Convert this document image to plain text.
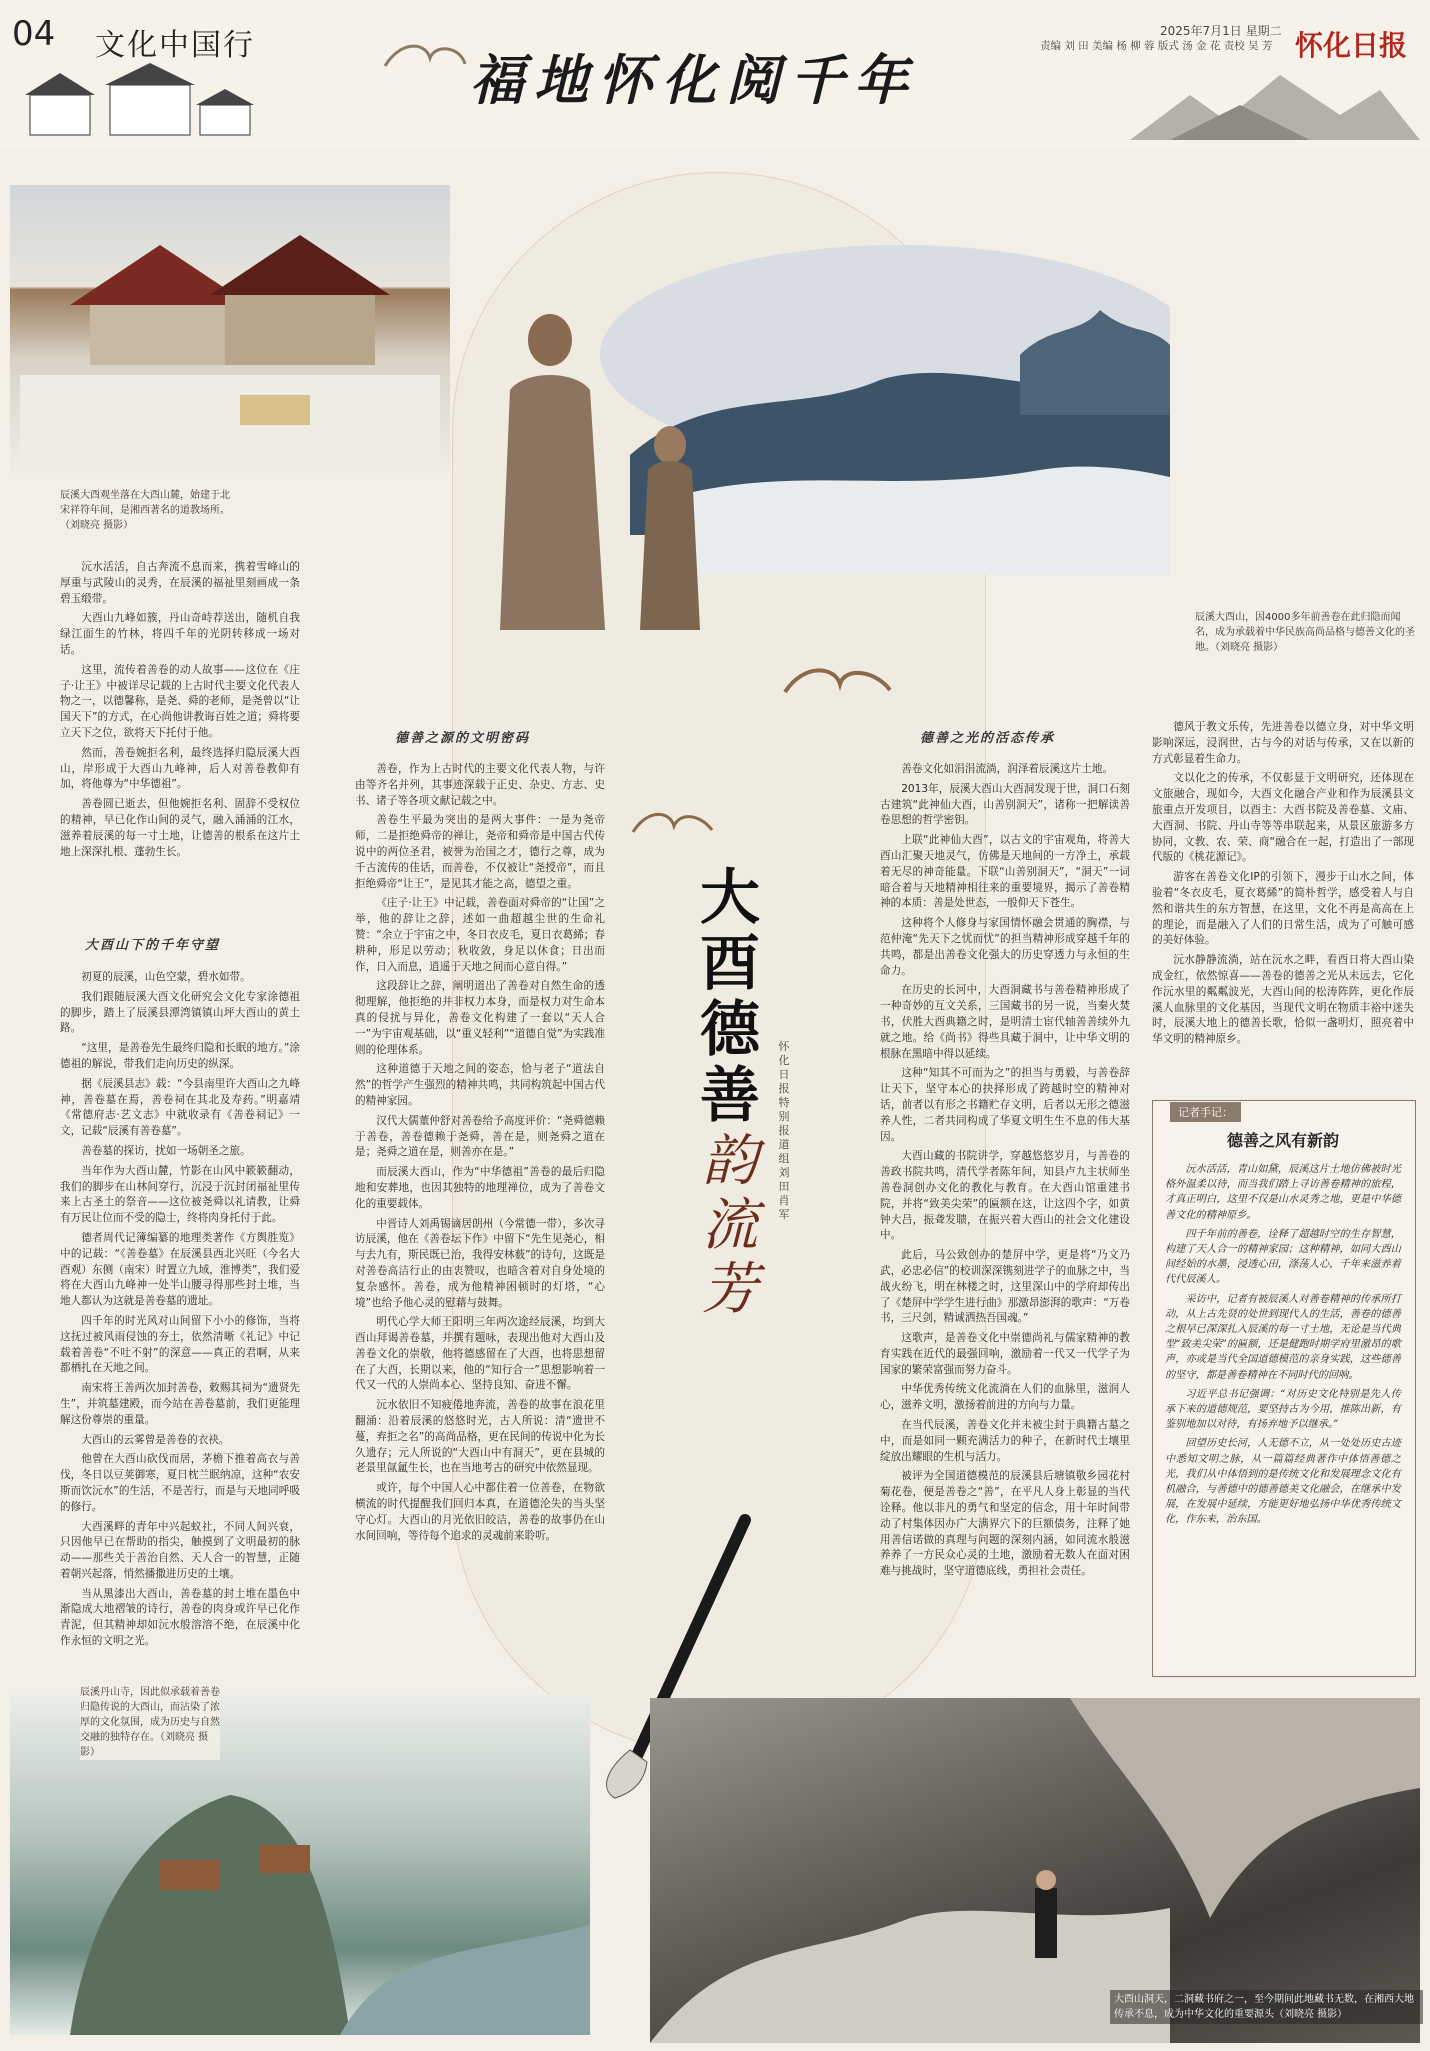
04 文化中国行
福地怀化阅千年
2025年7月1日 星期二
责编 刘 田 美编 杨 柳 蓉 版式 汤 金 花 责校 吴 芳 怀化日报
辰溪大酉观坐落在大酉山麓，始建于北宋祥符年间，是湘西著名的道教场所。（刘晓亮 摄影）
辰溪大酉山，因4000多年前善卷在此归隐而闻名，成为承载着中华民族高尚品格与德善文化的圣地。（刘晓亮 摄影）

沅水活活，自古奔流不息而来，携着雪峰山的厚重与武陵山的灵秀，在辰溪的福祉里刻画成一条碧玉缎带。

大酉山九峰如簇，丹山奇峙荐送出，随机自我绿江面生的竹林，将四千年的光阴转移成一场对话。

这里，流传着善卷的动人故事——这位在《庄子·让王》中被详尽记载的上古时代主要文化代表人物之一，以德馨称，是尧、舜的老师，是尧曾以“让国天下”的方式，在心尚他讲教诲百姓之道；舜将要立天下之位，欲将天下托付于他。

然而，善卷婉拒名利，最终选择归隐辰溪大酉山，岸形成于大酉山九峰神，后人对善卷教仰有加，将他尊为“中华德祖”。

善卷圆已逝去，但他婉拒名利、固辞不受权位的精神，早已化作山间的灵气，融入涌涌的江水，滋养着辰溪的每一寸土地，让德善的根系在这片土地上深深扎根、蓬勃生长。

大酉山下的千年守望

初夏的辰溪，山色空蒙，碧水如带。

我们跟随辰溪大酉文化研究会文化专家涂德祖的脚步，踏上了辰溪县潭湾镇镇山坪大酉山的黄土路。

“这里，是善卷先生最终归隐和长眠的地方。”涂德祖的解说，带我们走向历史的纵深。

据《辰溪县志》载：“今县南里许大酉山之九峰神，善卷墓在焉，善卷祠在其北及寿药。”明嘉靖《常德府志·艺文志》中就收录有《善卷祠记》一文，记载“辰溪有善卷墓”。

善卷墓的探访，扰如一场朝圣之旅。

当年作为大酉山麓，竹影在山风中簌簌翻动，我们的脚步在山林间穿行，沉浸于沉封闭福祉里传来上古圣土的祭音——这位被尧舜以礼请教，让舜有万民让位而不受的隐士，终将肉身托付于此。

德者周代记簿编纂的地理类著作《方舆胜览》中的记载：“《善卷墓》在辰溪县西北兴旺（今名大酉观）东侧（南宋）时置立九域，淮博类”，我们爱将在大酉山九峰神一处半山腰寻得那些封土堆，当地人都认为这就是善卷墓的遗址。

四千年的时光风对山间留下小小的修饰，当将这抚过被风雨侵蚀的夯土，依然清晰《礼记》中记载着善卷“不吐不射”的深意——真正的君啊，从来都栖扎在天地之间。

南宋将王善两次加封善卷，敕赐其祠为“遗贤先生”，并筑墓建殿，而今站在善卷墓前，我们更能理解这份尊崇的重量。

大酉山的云雾曾是善卷的衣袂。

他曾在大酉山砍伐而居，茅檐下推着高衣与善伐，冬日以豆荚御寒，夏日枕兰眠纳凉，这种“农安斯而饮沅水”的生活，不是苦行，而是与天地同呼吸的修行。

大酉溪畔的青年中兴起蚁社，不同人间兴衰，只因他早已在帮助的指尖，触摸到了文明最初的脉动——那些关于善治自然、天人合一的智慧，正随着朝兴起落，悄然播撒进历史的土壤。

当从黑漆出大酉山，善卷墓的封土堆在墨色中渐隐成大地褶皱的诗行，善卷的肉身或许早已化作青泥，但其精神却如沅水般溶溶不绝，在辰溪中化作永恒的文明之光。

德善之源的文明密码

善卷，作为上古时代的主要文化代表人物，与许由等齐名并列，其事迹深载于正史、杂史、方志、史书、诸子等各项文献记载之中。

善卷生平最为突出的是两大事件：一是为尧帝师，二是拒绝舜帝的禅让，尧帝和舜帝是中国古代传说中的两位圣君，被誉为治国之才，德行之尊，成为千古流传的佳话，而善卷，不仅被让“尧授帝”，而且拒绝舜帝“让王”，是见其才能之高，德望之重。

《庄子·让王》中记载，善卷面对舜帝的“让国”之举，他的辞让之辞，述如一曲超越尘世的生命礼赞：“余立于宇宙之中，冬日衣皮毛，夏日衣葛絺；春耕种，形足以劳动；秋收敛，身足以休食；日出而作，日入而息，逍遥于天地之间而心意自得。”

这段辞让之辞，阐明道出了善卷对自然生命的透彻理解，他拒绝的并非权力本身，而是权力对生命本真的侵扰与异化，善卷文化构建了一套以“天人合一”为宇宙观基础，以“重义轻利”“道德自觉”为实践准则的伦理体系。

这种道德于天地之间的姿态，恰与老子“道法自然”的哲学产生强烈的精神共鸣，共同构筑起中国古代的精神家园。

汉代大儒董仲舒对善卷给予高度评价：“尧舜德赖于善卷，善卷德赖于尧舜，善在是，则尧舜之道在是；尧舜之道在是，则善亦在是。”

而辰溪大酉山，作为“中华德祖”善卷的最后归隐地和安葬地，也因其独特的地理禅位，成为了善卷文化的重要载体。

中晋诗人刘禹锡谪居朗州（今常德一带），多次寻访辰溪，他在《善卷坛下作》中留下“先生见尧心，相与去九有，斯民既已治，我得安林薮”的诗句，这既是对善卷高洁行止的由衷赞叹，也暗含着对自身处境的复杂感怀。善卷，成为他精神困顿时的灯塔，“心境”也给予他心灵的慰藉与鼓舞。

明代心学大师王阳明三年两次途经辰溪，均到大酉山拜谒善卷墓，并撰有题咏，表现出他对大酉山及善卷文化的崇敬，他将德感留在了大酉，也将思想留在了大酉，长期以来，他的“知行合一”思想影响着一代又一代的人崇尚本心、坚持良知、奋进不懈。

沅水依旧不知疲倦地奔流，善卷的故事在浪花里翻涌：沿着辰溪的悠悠时光，古人所说：清“遗世不蔓，弃拒之名”的高尚品格，更在民间的传说中化为长久遗存；元人所说的“大酉山中有洞天”，更在县城的老景里氤氲生长，也在当地考古的研究中依然显现。

或许，每个中国人心中都住着一位善卷，在物欲横流的时代提醒我们回归本真，在道德沦失的当头坚守心灯。大酉山的月光依旧皎洁，善卷的故事仍在山水间回响，等待每个追求的灵魂前来聆听。

大酉德善
韵流芳
怀化日报特别报道组 刘 田 肖 军
德善之光的活态传承

善卷文化如涓涓流淌，润泽着辰溪这片土地。

2013年，辰溪大酉山大酉洞发现于世，洞口石刻古建筑“此神仙大酉，山善别洞天”，诸称一把解读善卷思想的哲学密钥。

上联“此神仙大酉”，以古文的宇宙观角，将善大酉山汇聚天地灵气，仿佛是天地间的一方净土，承载着无尽的神奇能量。下联“山善别洞天”，“洞天”一词暗合着与天地精神相往来的重要境界，揭示了善卷精神的本质：善是处世态，一般仰天下苍生。

这种将个人修身与家国情怀融会贯通的胸襟，与范仲淹“先天下之忧而忧”的担当精神形成穿越千年的共鸣，都是出善卷文化强大的历史穿透力与永恒的生命力。

在历史的长河中，大酉洞藏书与善卷精神形成了一种奇妙的互文关系，三国藏书的另一说，当秦火焚书，伏胜大酉典籍之时，是明清士宦代轴善善续外九就之地。给《尚书》得些具藏于洞中，让中华文明的根脉在黑暗中得以延续。

这种“知其不可而为之”的担当与勇毅，与善卷辞让天下，坚守本心的抉择形成了跨越时空的精神对话，前者以有形之书籍贮存文明，后者以无形之德滋养人性，二者共同构成了华夏文明生生不息的伟大基因。

大酉山藏的书院讲学，穿越悠悠岁月，与善卷的善政书院共鸣，清代学者陈年间，知县卢九主状师坐善卷洞创办文化的教化与教育。在大酉山馆重建书院，并将“致美尖荣”的匾额在这，让这四个字，如黄钟大吕，振聋发聩，在振兴着大酉山的社会文化建设中。

此后，马公致创办的楚屏中学，更是将“乃文乃武，必忠必信”的校训深深镌刻进学子的血脉之中，当战火纷飞，明在林楼之时，这里深山中的学府却传出了《楚屏中学学生进行曲》那激昂澎湃的歌声：“万卷书，三尺剑，精诚洒热吾国魂。”

这歌声，是善卷文化中崇德尚礼与儒家精神的教育实践在近代的最强回响，激励着一代又一代学子为国家的繁荣富强而努力奋斗。

中华优秀传统文化流淌在人们的血脉里，滋润人心，滋养文明，激扬着前进的方向与力量。

在当代辰溪，善卷文化并未被尘封于典籍古墓之中，而是如同一颗充满活力的种子，在新时代土壤里绽放出耀眼的生机与活力。

被评为全国道德模范的辰溪县后塘镇敬乡园花村菊花卷，便是善卷之“善”，在平凡人身上彰显的当代诠释。他以非凡的勇气和坚定的信念，用十年时间带动了村集体因办广大满界穴下的巨额债务，注释了她用善信诺做的真理与问题的深刻内涵，如同流水般滋养养了一方民众心灵的土地，激励着无数人在面对困难与挑战时，坚守道德底线，勇担社会责任。

德风于教文乐传，先进善卷以德立身，对中华文明影响深远，浸润世，古与今的对话与传承，又在以新的方式彰显着生命力。

文以化之的传承，不仅彰显于文明研究，还体现在文旅融合，现如今，大酉文化融合产业和作为辰溪县文旅重点开发项目，以酉主：大酉书院及善卷墓、文庙、大酉洞、书院、丹山寺等等串联起来，从景区旅游多方协同，文教、农、荣、商“融合在一起，打造出了一部现代版的《桃花源记》。

游客在善卷文化IP的引领下，漫步于山水之间，体验着“冬衣皮毛，夏衣葛絺”的简朴哲学，感受着人与自然和谐共生的东方智慧，在这里，文化不再是高高在上的理论，而是融入了人们的日常生活，成为了可触可感的美好体验。

沅水静静流淌，站在沅水之畔，看酉日将大酉山染成金红，依然惊喜——善卷的德善之光从未远去，它化作沅水里的粼粼波光，大酉山间的松涛阵阵，更化作辰溪人血脉里的文化基因，当现代文明在物质丰裕中迷失时，辰溪大地上的德善长歌，恰似一盏明灯，照亮着中华文明的精神原乡。

记者手记：
德善之风有新韵

沅水活活，青山如黛，辰溪这片土地仿佛被时光格外温柔以待，而当我们踏上寻访善卷精神的旅程，才真正明白，这里不仅是山水灵秀之地，更是中华德善文化的精神原乡。

四千年前的善卷，诠释了超越时空的生存智慧，构建了天人合一的精神家园；这种精神，如同大酉山间经始的水墨，浸透心田，涤荡人心，千年来滋养着代代辰溪人。

采访中，记者有被辰溪人对善卷精神的传承所打动，从上古先贤的处世到现代人的生活，善卷的德善之根早已深深扎入辰溪的每一寸土地，无论是当代典型“致美尖荣”的匾额，还是健跑时期学府里激昂的歌声，亦或是当代全国道德模范的亲身实践，这些德善的坚守，都是善卷精神在不同时代的回响。

习近平总书记强调：“对历史文化特别是先人传承下来的道德规范，要坚持古为今用，推陈出新，有鉴别地加以对待，有扬弃地予以继承。”

回望历史长河，人无德不立，从一处处历史古迹中悉知文明之脉，从一篇篇经典著作中体悟善德之光，我们从中体悟到的是传统文化和发展理念文化有机融合，与善德中的德善德美文化融会，在继承中发展，在发展中延续，方能更好地弘扬中华优秀传统文化，作东来，治东国。

辰溪丹山寺，因此似承载着善卷归隐传说的大酉山，而沾染了浓厚的文化氛围，成为历史与自然交融的独特存在。（刘晓亮 摄影）
大酉山洞天，二洞藏书府之一，至今期间此地藏书无数，在湘西大地传承不息，成为中华文化的重要源头（刘晓亮 摄影）
